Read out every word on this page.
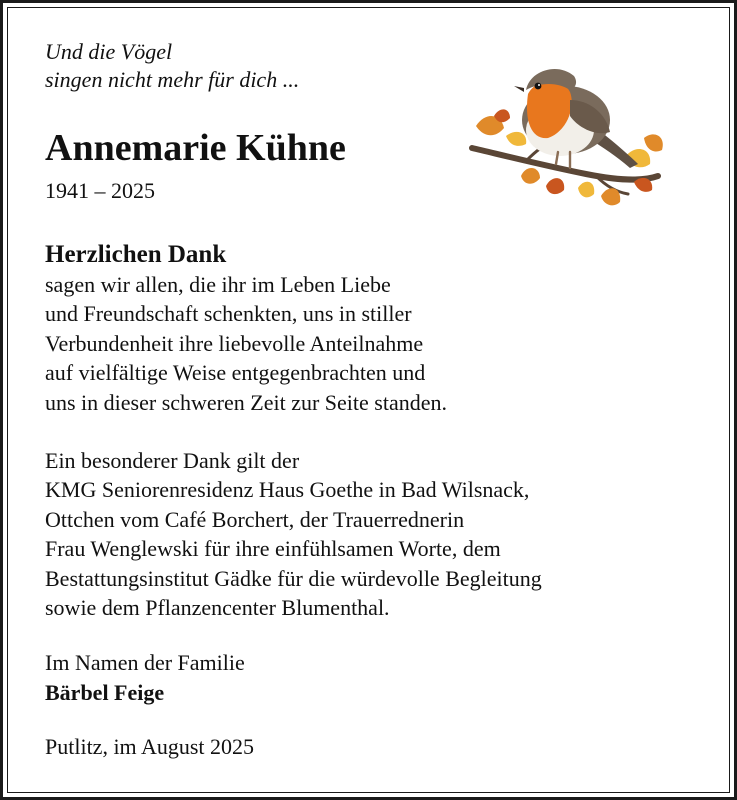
Und die Vögel
singen nicht mehr für dich ...
Annemarie Kühne
1941 – 2025
Herzlichen Dank
sagen wir allen, die ihr im Leben Liebe
und Freundschaft schenkten, uns in stiller
Verbundenheit ihre liebevolle Anteilnahme
auf vielfältige Weise entgegenbrachten und
uns in dieser schweren Zeit zur Seite standen.
Ein besonderer Dank gilt der
KMG Seniorenresidenz Haus Goethe in Bad Wilsnack,
Ottchen vom Café Borchert, der Trauerrednerin
Frau Wenglewski für ihre einfühlsamen Worte, dem
Bestattungsinstitut Gädke für die würdevolle Begleitung
sowie dem Pflanzencenter Blumenthal.
Im Namen der Familie
Bärbel Feige
Putlitz, im August 2025
